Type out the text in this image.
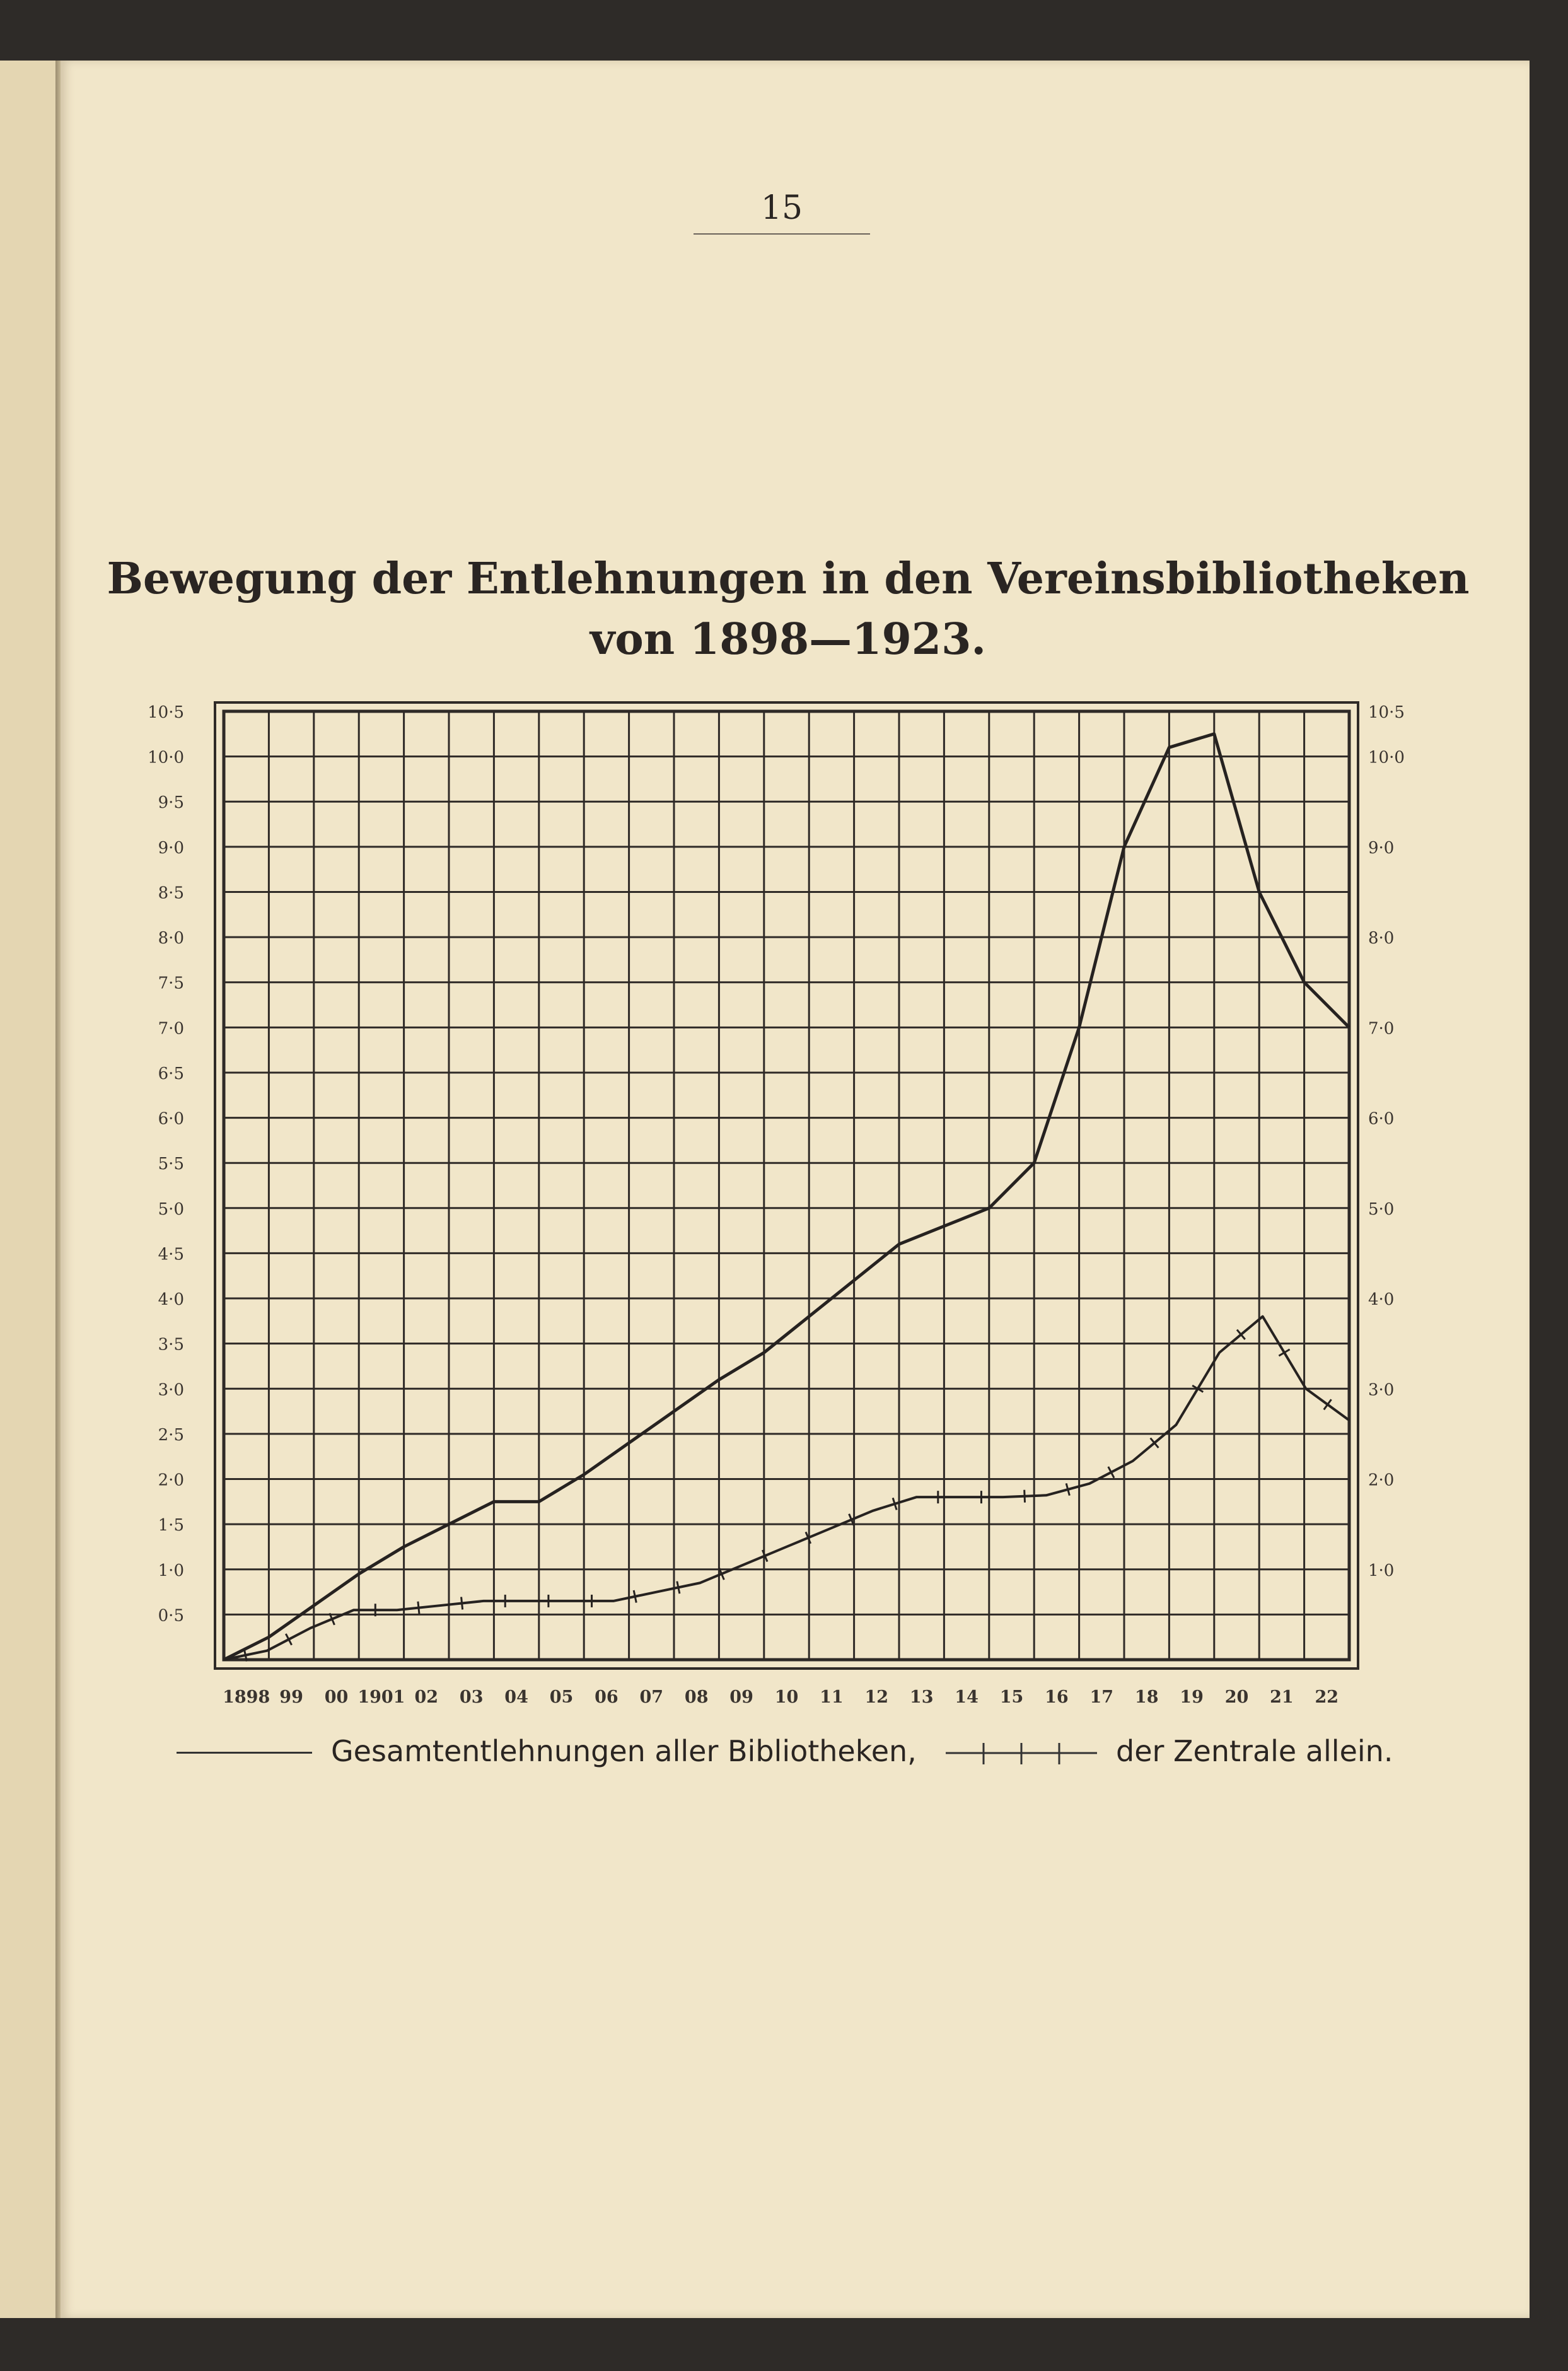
15
Bewegung der Entlehnungen in den Vereinsbibliotheken
von 1898—1923.
0·5
1·0
1·5
2·0
2·5
3·0
3·5
4·0
4·5
5·0
5·5
6·0
6·5
7·0
7·5
8·0
8·5
9·0
9·5
10·0
10·5
1·0
2·0
3·0
4·0
5·0
6·0
7·0
8·0
9·0
10·0
10·5
1898 99 00 1901 02 03 04 05 06 07 08 09 10 11 12 13 14 15 16 17 18 19 20 21 22
Gesamtentlehnungen aller Bibliotheken,	der Zentrale allein.
